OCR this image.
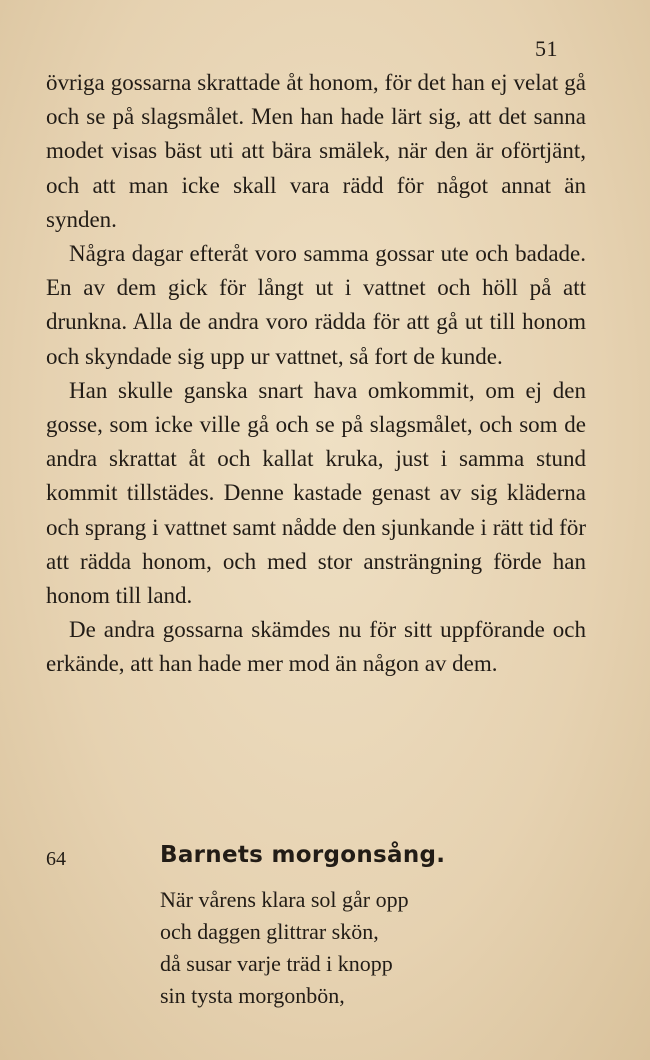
51

övriga gossarna skrattade åt honom, för det han ej velat gå och se på slagsmålet. Men han hade lärt sig, att det sanna modet visas bäst uti att bära smälek, när den är oförtjänt, och att man icke skall vara rädd för något annat än synden.

Några dagar efteråt voro samma gossar ute och badade. En av dem gick för långt ut i vattnet och höll på att drunkna. Alla de andra voro rädda för att gå ut till honom och skyndade sig upp ur vattnet, så fort de kunde.

Han skulle ganska snart hava omkommit, om ej den gosse, som icke ville gå och se på slagsmålet, och som de andra skrattat åt och kallat kruka, just i samma stund kommit tillstädes. Denne kastade genast av sig kläderna och sprang i vattnet samt nådde den sjunkande i rätt tid för att rädda honom, och med stor ansträngning förde han honom till land.

De andra gossarna skämdes nu för sitt uppförande och erkände, att han hade mer mod än någon av dem.

64	Barnets morgonsång.
När vårens klara sol går opp
och daggen glittrar skön,
då susar varje träd i knopp
sin tysta morgonbön,
